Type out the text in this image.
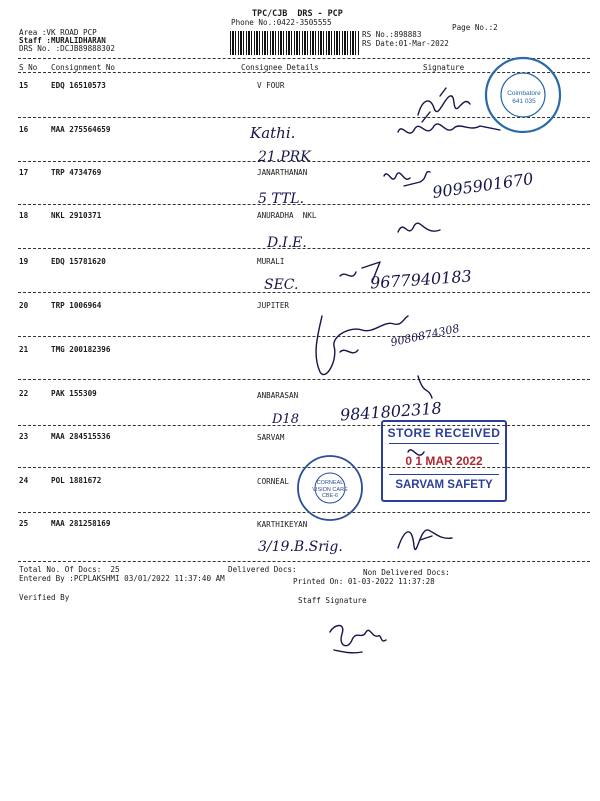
TPC/CJB  DRS - PCP
Phone No.:0422-3505555
Page No.:2
Area :VK ROAD PCP
Staff :MURALIDHARAN
DRS No. :DCJB89888302
RS No.:898883
RS Date:01-Mar-2022
S No Consignment No	Consignee Details	Signature
15	EDQ 16510573	V FOUR
16	MAA 275564659
17	TRP 4734769	JANARTHANAN
18	NKL 2910371	ANURADHA  NKL
19	EDQ 15781620	MURALI
20	TRP 1006964	JUPITER
21	TMG 200182396
22	PAK 155309	ANBARASAN
23	MAA 284515536	SARVAM
24	POL 1881672	CORNEAL
25	MAA 281258169	KARTHIKEYAN
Kathi.
21.PRK
5 TTL.	9095901670
D.I.E.
SEC.	9677940183
9080874308
D18	9841802318
3/19.B.Srig.
Coimbatore 641 035
CORNEAL VISION CARE CBE-6
STORE RECEIVED
0 1 MAR 2022
SARVAM SAFETY
Total No. Of Docs:  25	Delivered Docs:	Non Delivered Docs:
Entered By :PCPLAKSHMI 03/01/2022 11:37:40 AM	Printed On: 01-03-2022 11:37:28
Verified By	Staff Signature
